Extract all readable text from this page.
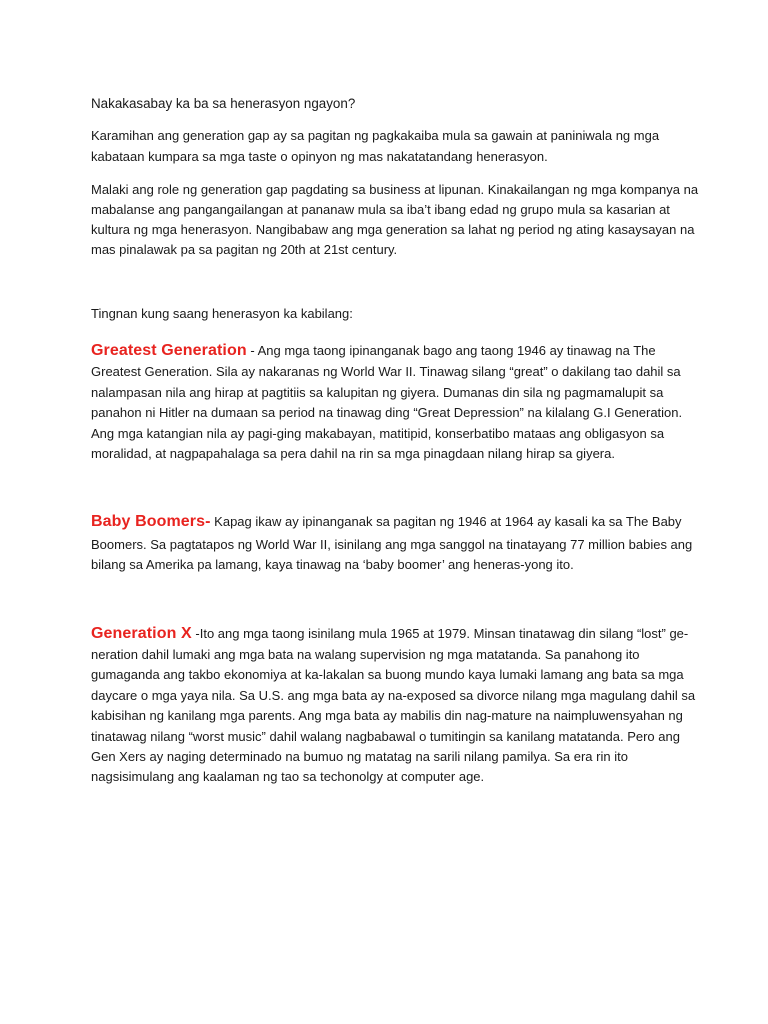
Nakakasabay ka ba sa henerasyon ngayon?
Karamihan ang generation gap ay sa pagitan ng pagkakaiba mula sa gawain at paniniwala ng mga
kabataan kumpara sa mga taste o opinyon ng mas nakatatandang henerasyon.
Malaki ang role ng generation gap pagdating sa business at lipunan. Kinakailangan ng mga kompanya na
mabalanse ang pangangailangan at pananaw mula sa iba’t ibang edad ng grupo mula sa kasarian at
kultura ng mga henerasyon. Nangibabaw ang mga generation sa lahat ng period ng ating kasaysayan na
mas pinalawak pa sa pagitan ng 20th at 21st century.
Tingnan kung saang henerasyon ka kabilang:
Greatest Generation - Ang mga taong ipinanganak bago ang taong 1946 ay tinawag na The
Greatest Generation. Sila ay nakaranas ng World War II. Tinawag silang “great” o dakilang tao dahil sa
nalampasan nila ang hirap at pagtitiis sa kalupitan ng giyera. Dumanas din sila ng pagmamalupit sa
panahon ni Hitler na dumaan sa period na tinawag ding “Great Depression” na kilalang G.I Generation.
Ang mga katangian nila ay pagi-ging makabayan, matitipid, konserbatibo mataas ang obligasyon sa
moralidad, at nagpapahalaga sa pera dahil na rin sa mga pinagdaan nilang hirap sa giyera.
Baby Boomers- Kapag ikaw ay ipinanganak sa pagitan ng 1946 at 1964 ay kasali ka sa The Baby
Boomers. Sa pagtatapos ng World War II, isinilang ang mga sanggol na tinatayang 77 million babies ang
bilang sa Amerika pa lamang, kaya tinawag na ‘baby boomer’ ang heneras-yong ito.
Generation X -Ito ang mga taong isinilang mula 1965 at 1979. Minsan tinatawag din silang “lost” ge-
neration dahil lumaki ang mga bata na walang supervision ng mga matatanda. Sa panahong ito
gumaganda ang takbo ekonomiya at ka-lakalan sa buong mundo kaya lumaki lamang ang bata sa mga
daycare o mga yaya nila. Sa U.S. ang mga bata ay na-exposed sa divorce nilang mga magulang dahil sa
kabisihan ng kanilang mga parents. Ang mga bata ay mabilis din nag-mature na naimpluwensyahan ng
tinatawag nilang “worst music” dahil walang nagbabawal o tumitingin sa kanilang matatanda. Pero ang
Gen Xers ay naging determinado na bumuo ng matatag na sarili nilang pamilya. Sa era rin ito
nagsisimulang ang kaalaman ng tao sa techonolgy at computer age.
